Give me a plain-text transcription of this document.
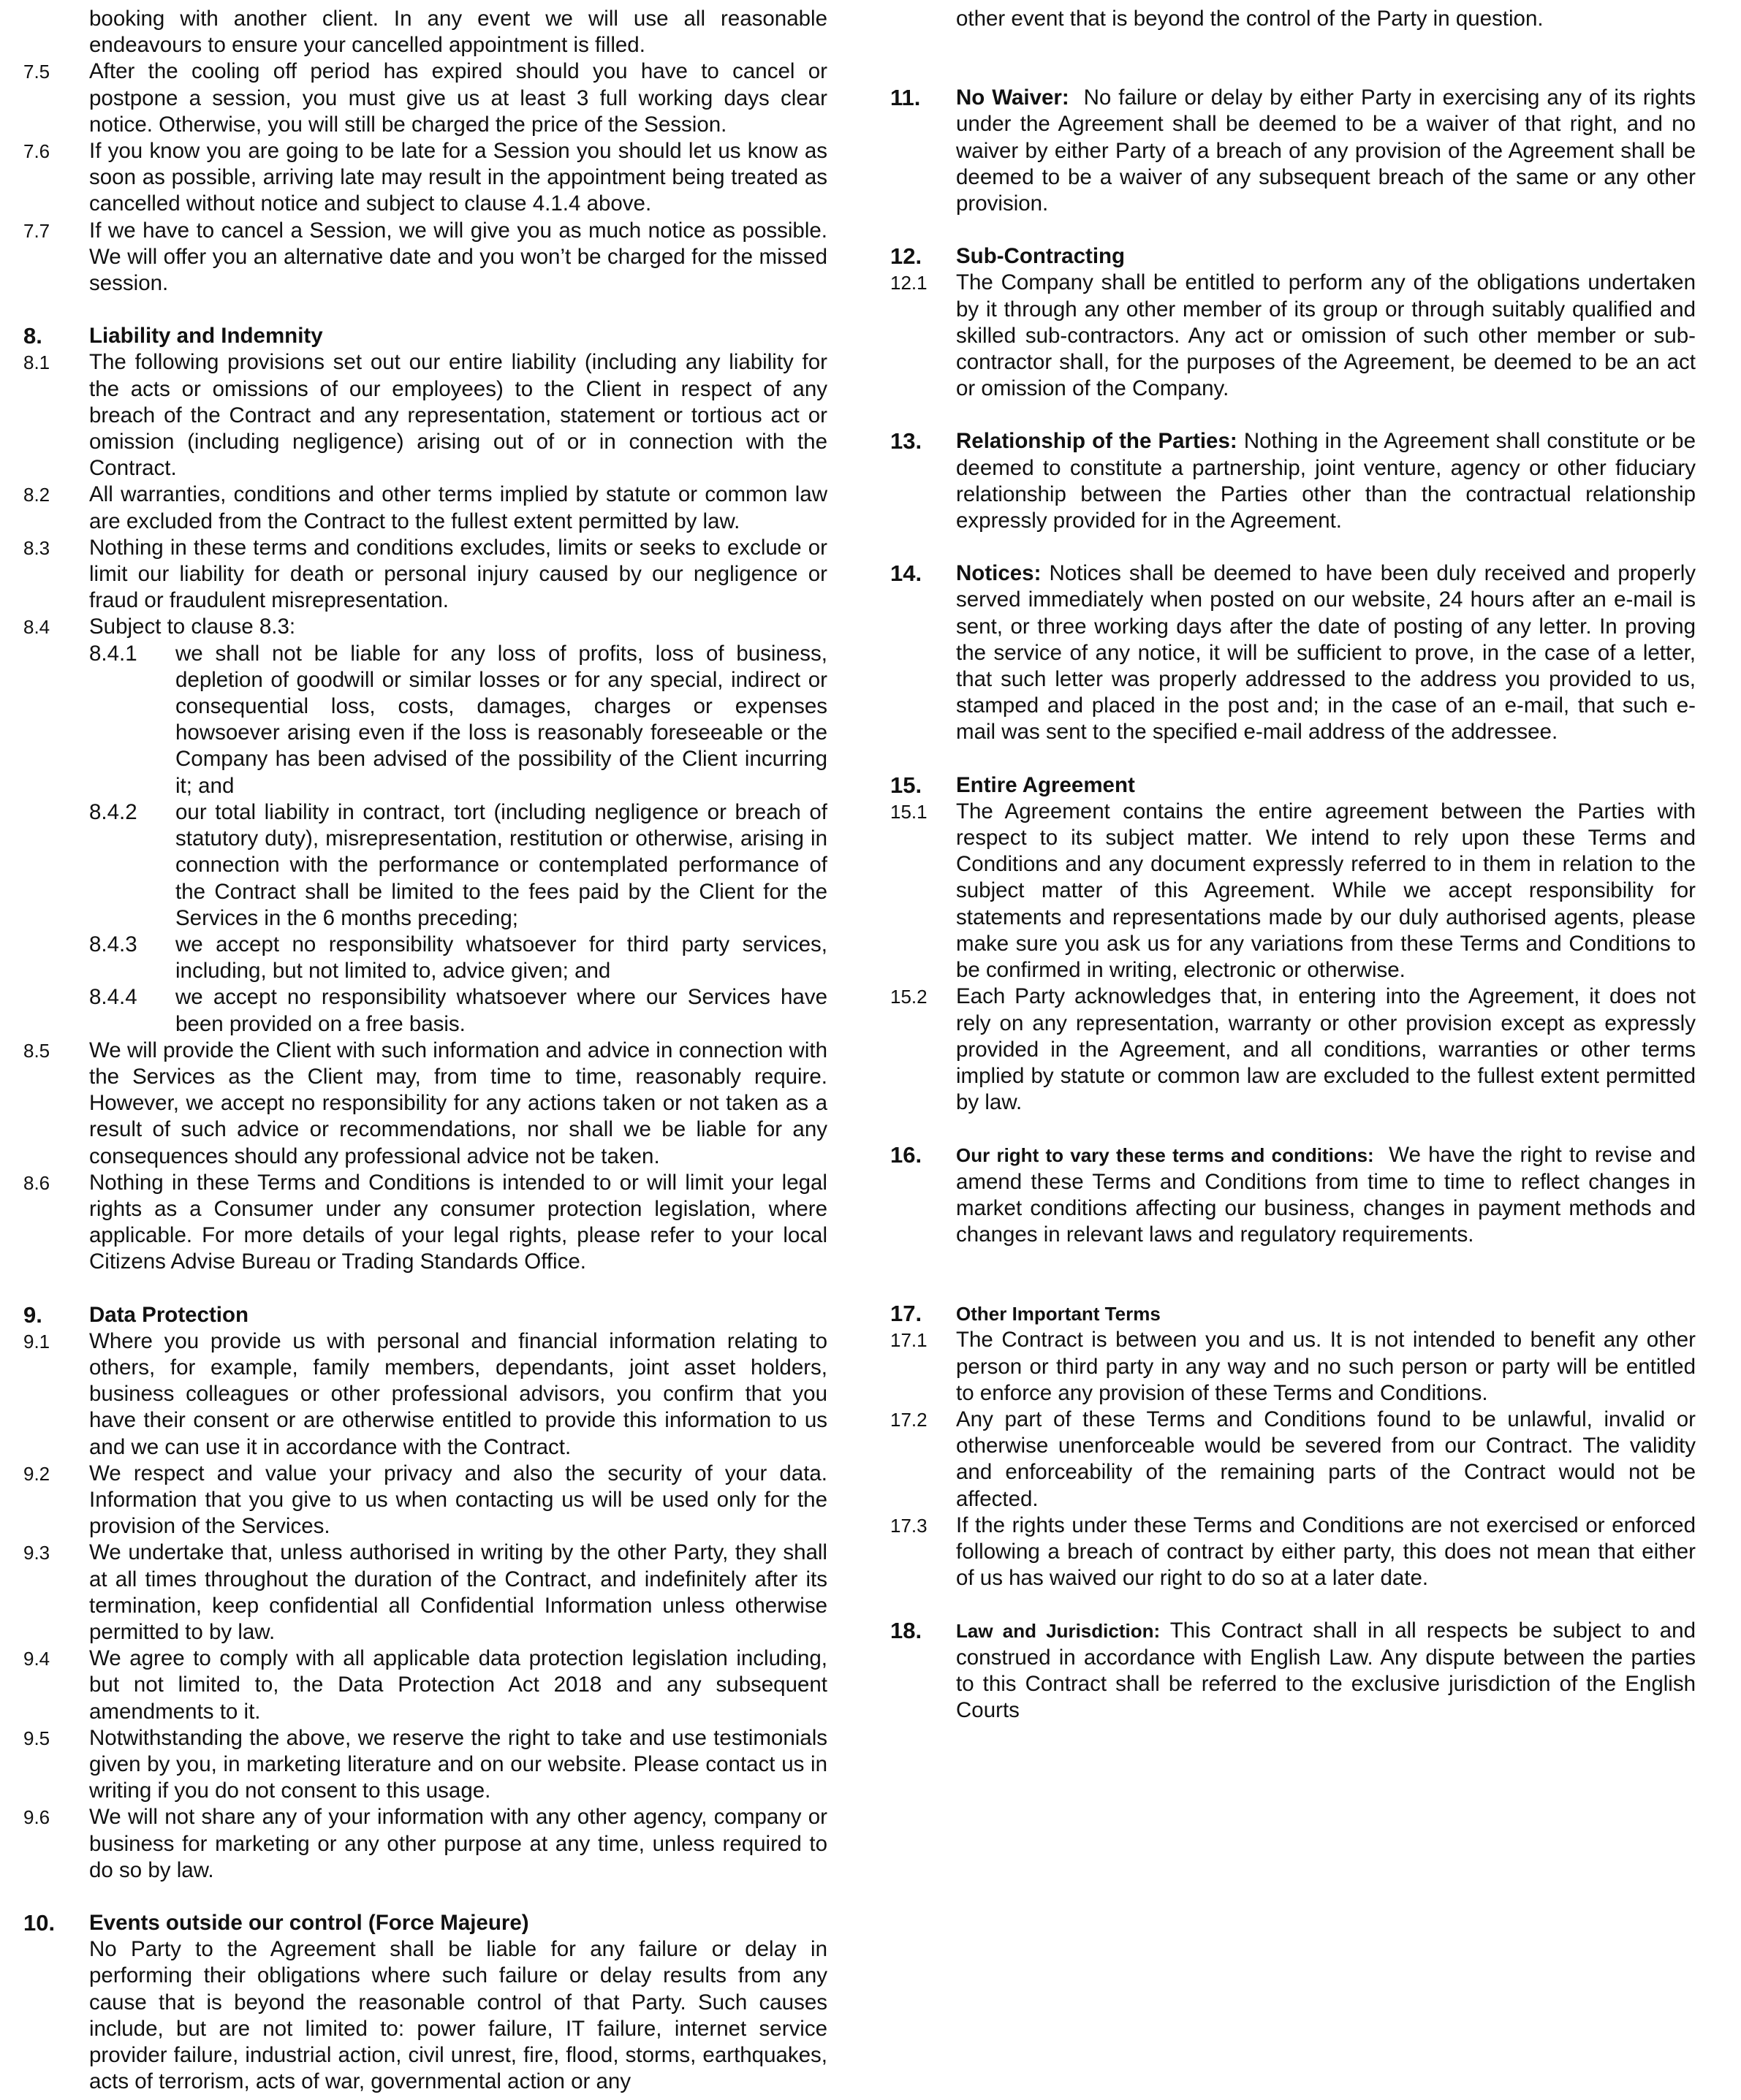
booking with another client. In any event we will use all reasonable endeavours to ensure your cancelled appointment is filled.
7.5 After the cooling off period has expired should you have to cancel or postpone a session, you must give us at least 3 full working days clear notice. Otherwise, you will still be charged the price of the Session.
7.6 If you know you are going to be late for a Session you should let us know as soon as possible, arriving late may result in the appointment being treated as cancelled without notice and subject to clause 4.1.4 above.
7.7 If we have to cancel a Session, we will give you as much notice as possible. We will offer you an alternative date and you won’t be charged for the missed session.
8. Liability and Indemnity
8.1 The following provisions set out our entire liability (including any liability for the acts or omissions of our employees) to the Client in respect of any breach of the Contract and any representation, statement or tortious act or omission (including negligence) arising out of or in connection with the Contract.
8.2 All warranties, conditions and other terms implied by statute or common law are excluded from the Contract to the fullest extent permitted by law.
8.3 Nothing in these terms and conditions excludes, limits or seeks to exclude or limit our liability for death or personal injury caused by our negligence or fraud or fraudulent misrepresentation.
8.4 Subject to clause 8.3:
8.4.1 we shall not be liable for any loss of profits, loss of business, depletion of goodwill or similar losses or for any special, indirect or consequential loss, costs, damages, charges or expenses howsoever arising even if the loss is reasonably foreseeable or the Company has been advised of the possibility of the Client incurring it; and
8.4.2 our total liability in contract, tort (including negligence or breach of statutory duty), misrepresentation, restitution or otherwise, arising in connection with the performance or contemplated performance of the Contract shall be limited to the fees paid by the Client for the Services in the 6 months preceding;
8.4.3 we accept no responsibility whatsoever for third party services, including, but not limited to, advice given; and
8.4.4 we accept no responsibility whatsoever where our Services have been provided on a free basis.
8.5 We will provide the Client with such information and advice in connection with the Services as the Client may, from time to time, reasonably require. However, we accept no responsibility for any actions taken or not taken as a result of such advice or recommendations, nor shall we be liable for any consequences should any professional advice not be taken.
8.6 Nothing in these Terms and Conditions is intended to or will limit your legal rights as a Consumer under any consumer protection legislation, where applicable. For more details of your legal rights, please refer to your local Citizens Advise Bureau or Trading Standards Office.
9. Data Protection
9.1 Where you provide us with personal and financial information relating to others, for example, family members, dependants, joint asset holders, business colleagues or other professional advisors, you confirm that you have their consent or are otherwise entitled to provide this information to us and we can use it in accordance with the Contract.
9.2 We respect and value your privacy and also the security of your data. Information that you give to us when contacting us will be used only for the provision of the Services.
9.3 We undertake that, unless authorised in writing by the other Party, they shall at all times throughout the duration of the Contract, and indefinitely after its termination, keep confidential all Confidential Information unless otherwise permitted to by law.
9.4 We agree to comply with all applicable data protection legislation including, but not limited to, the Data Protection Act 2018 and any subsequent amendments to it.
9.5 Notwithstanding the above, we reserve the right to take and use testimonials given by you, in marketing literature and on our website. Please contact us in writing if you do not consent to this usage.
9.6 We will not share any of your information with any other agency, company or business for marketing or any other purpose at any time, unless required to do so by law.
10. Events outside our control (Force Majeure)
No Party to the Agreement shall be liable for any failure or delay in performing their obligations where such failure or delay results from any cause that is beyond the reasonable control of that Party. Such causes include, but are not limited to: power failure, IT failure, internet service provider failure, industrial action, civil unrest, fire, flood, storms, earthquakes, acts of terrorism, acts of war, governmental action or any
other event that is beyond the control of the Party in question.
11. No Waiver: No failure or delay by either Party in exercising any of its rights under the Agreement shall be deemed to be a waiver of that right, and no waiver by either Party of a breach of any provision of the Agreement shall be deemed to be a waiver of any subsequent breach of the same or any other provision.
12. Sub-Contracting
12.1 The Company shall be entitled to perform any of the obligations undertaken by it through any other member of its group or through suitably qualified and skilled sub-contractors. Any act or omission of such other member or sub-contractor shall, for the purposes of the Agreement, be deemed to be an act or omission of the Company.
13. Relationship of the Parties: Nothing in the Agreement shall constitute or be deemed to constitute a partnership, joint venture, agency or other fiduciary relationship between the Parties other than the contractual relationship expressly provided for in the Agreement.
14. Notices: Notices shall be deemed to have been duly received and properly served immediately when posted on our website, 24 hours after an e-mail is sent, or three working days after the date of posting of any letter. In proving the service of any notice, it will be sufficient to prove, in the case of a letter, that such letter was properly addressed to the address you provided to us, stamped and placed in the post and; in the case of an e-mail, that such e-mail was sent to the specified e-mail address of the addressee.
15. Entire Agreement
15.1 The Agreement contains the entire agreement between the Parties with respect to its subject matter. We intend to rely upon these Terms and Conditions and any document expressly referred to in them in relation to the subject matter of this Agreement. While we accept responsibility for statements and representations made by our duly authorised agents, please make sure you ask us for any variations from these Terms and Conditions to be confirmed in writing, electronic or otherwise.
15.2 Each Party acknowledges that, in entering into the Agreement, it does not rely on any representation, warranty or other provision except as expressly provided in the Agreement, and all conditions, warranties or other terms implied by statute or common law are excluded to the fullest extent permitted by law.
16. Our right to vary these terms and conditions: We have the right to revise and amend these Terms and Conditions from time to time to reflect changes in market conditions affecting our business, changes in payment methods and changes in relevant laws and regulatory requirements.
17. Other Important Terms
17.1 The Contract is between you and us. It is not intended to benefit any other person or third party in any way and no such person or party will be entitled to enforce any provision of these Terms and Conditions.
17.2 Any part of these Terms and Conditions found to be unlawful, invalid or otherwise unenforceable would be severed from our Contract. The validity and enforceability of the remaining parts of the Contract would not be affected.
17.3 If the rights under these Terms and Conditions are not exercised or enforced following a breach of contract by either party, this does not mean that either of us has waived our right to do so at a later date.
18. Law and Jurisdiction: This Contract shall in all respects be subject to and construed in accordance with English Law. Any dispute between the parties to this Contract shall be referred to the exclusive jurisdiction of the English Courts
